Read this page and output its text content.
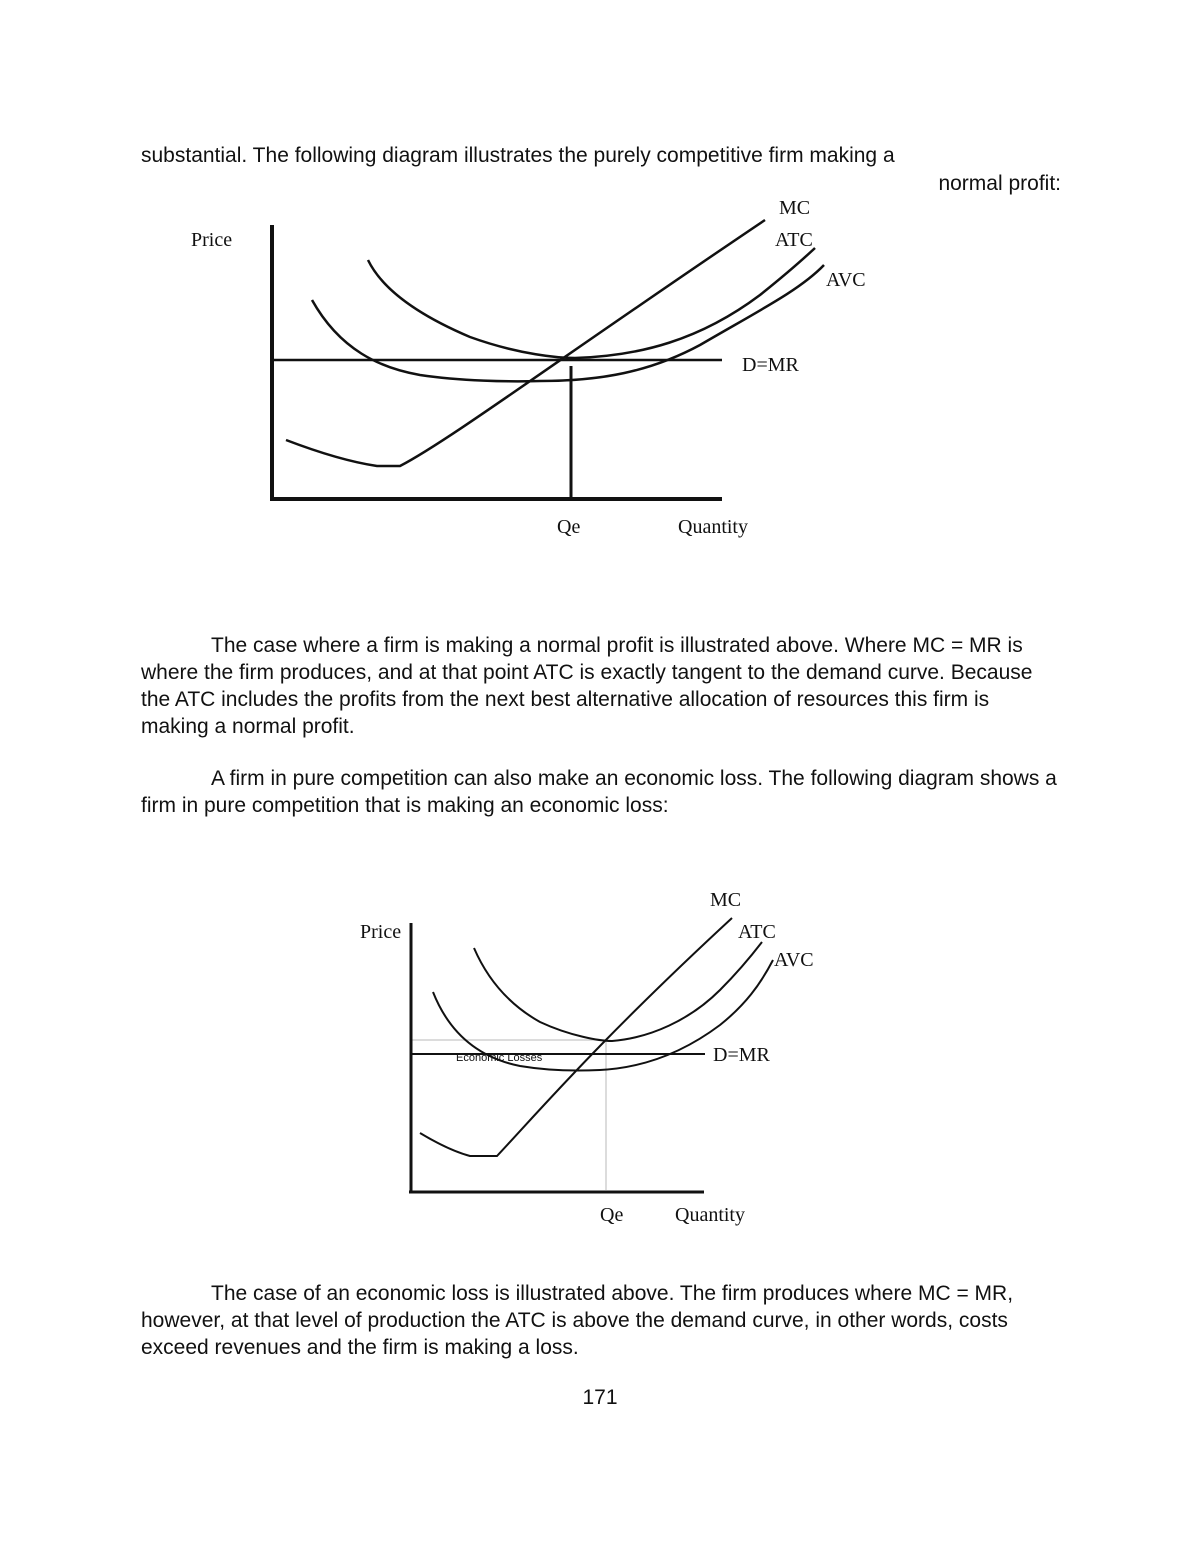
substantial. The following diagram illustrates the purely competitive firm making a
normal profit:
Price
MC
ATC
AVC
D=MR
Qe	Quantity
The case where a firm is making a normal profit is illustrated above. Where MC = MR is where the firm produces, and at that point ATC is exactly tangent to the demand curve. Because the ATC includes the profits from the next best alternative allocation of resources this firm is making a normal profit.
A firm in pure competition can also make an economic loss. The following diagram shows a firm in pure competition that is making an economic loss:
Price
MC
ATC
AVC
D=MR
Economic Losses
Qe	Quantity
The case of an economic loss is illustrated above. The firm produces where MC = MR, however, at that level of production the ATC is above the demand curve, in other words, costs exceed revenues and the firm is making a loss.
171
